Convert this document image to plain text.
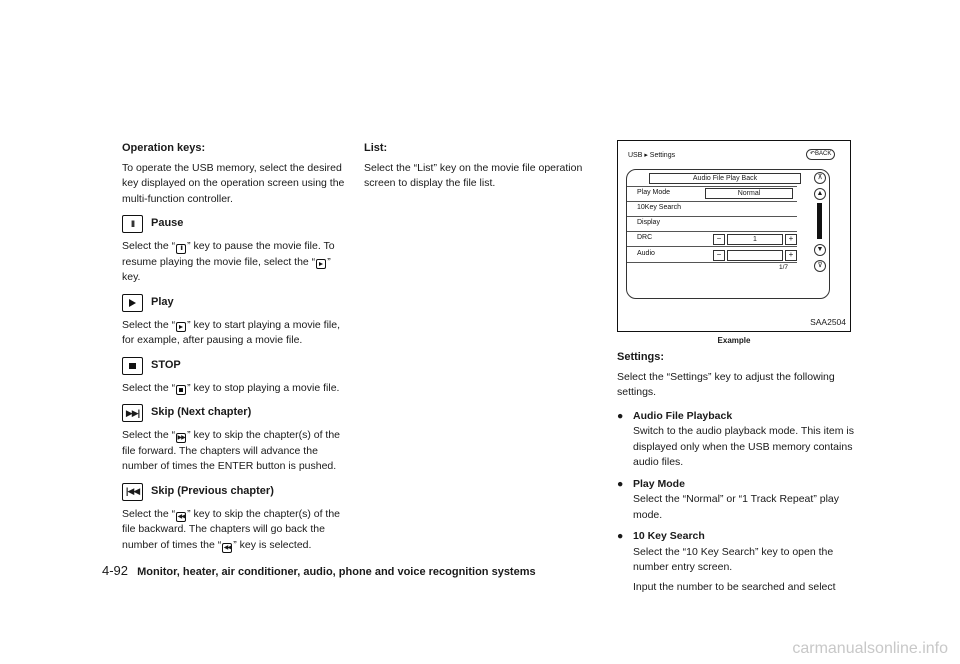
Operation keys:

To operate the USB memory, select the desired key displayed on the operation screen using the multi-function controller.

II Pause

Select the “ II ” key to pause the movie file. To resume playing the movie file, select the “ ” key.

Play

Select the “ ” key to start playing a movie file, for example, after pausing a movie file.

STOP

Select the “ ” key to stop playing a movie file.

▶▶| Skip (Next chapter)

Select the “ ▶▶ ” key to skip the chapter(s) of the file forward. The chapters will advance the number of times the ENTER button is pushed.

|◀◀ Skip (Previous chapter)

Select the “ ◀◀ ” key to skip the chapter(s) of the file backward. The chapters will go back the number of times the “ ◀◀ ” key is selected.

List:

Select the “List” key on the movie file operation screen to display the file list.

USB ▸ Settings	↶BACK
Audio File Play Back
Play Mode	Normal
10Key Search
Display
DRC	−	1	+
Audio	−	+
1/7
⊼
▲
▼
⊽
SAA2504
Example
Settings:

Select the “Settings” key to adjust the following settings.

● Audio File Playback

Switch to the audio playback mode. This item is displayed only when the USB memory contains audio files.

● Play Mode

Select the “Normal” or “1 Track Repeat” play mode.

● 10 Key Search

Select the “10 Key Search” key to open the number entry screen.

Input the number to be searched and select

4-92 Monitor, heater, air conditioner, audio, phone and voice recognition systems
carmanualsonline.info
